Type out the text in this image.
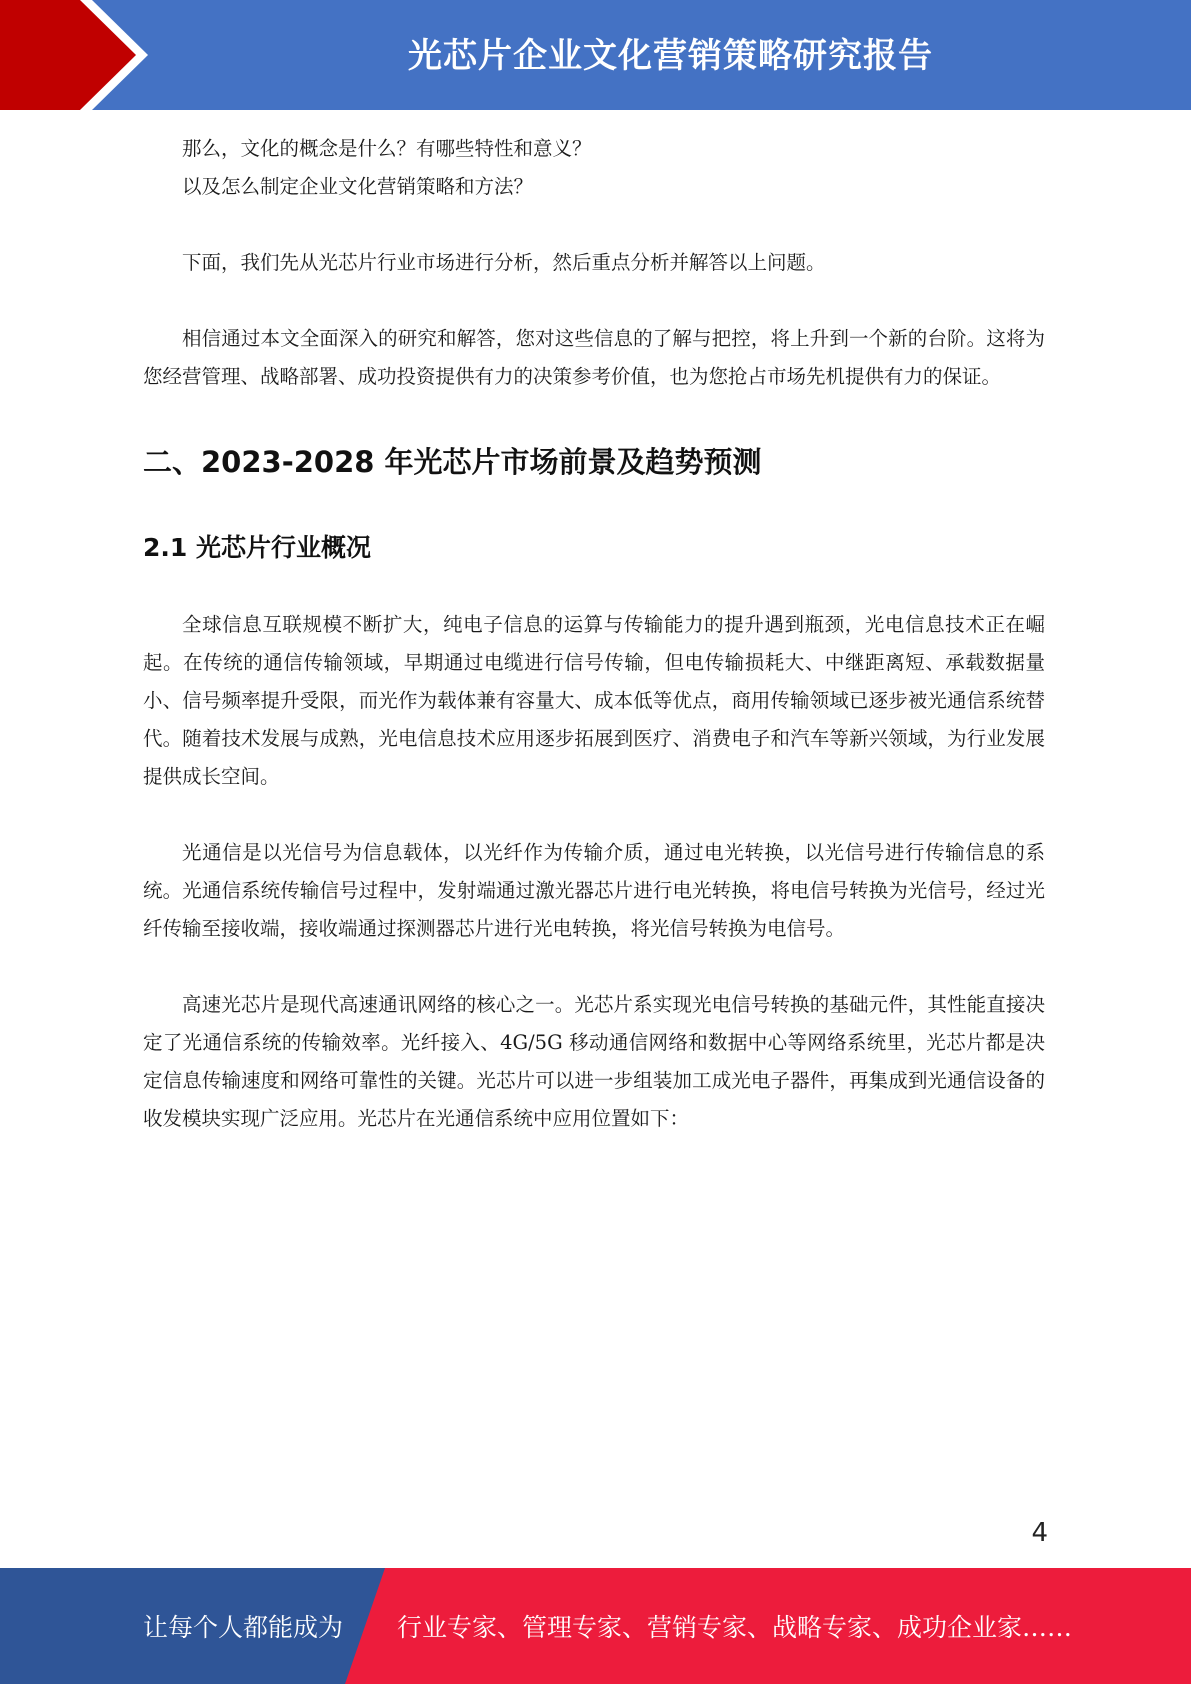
光芯片企业文化营销策略研究报告

那么，文化的概念是什么？有哪些特性和意义？

以及怎么制定企业文化营销策略和方法？

下面，我们先从光芯片行业市场进行分析，然后重点分析并解答以上问题。

相信通过本文全面深入的研究和解答，您对这些信息的了解与把控，将上升到一个新的台阶。这将为您经营管理、战略部署、成功投资提供有力的决策参考价值，也为您抢占市场先机提供有力的保证。

二、2023-2028 年光芯片市场前景及趋势预测
2.1 光芯片行业概况

全球信息互联规模不断扩大，纯电子信息的运算与传输能力的提升遇到瓶颈，光电信息技术正在崛起。在传统的通信传输领域，早期通过电缆进行信号传输，但电传输损耗大、中继距离短、承载数据量小、信号频率提升受限，而光作为载体兼有容量大、成本低等优点，商用传输领域已逐步被光通信系统替代。随着技术发展与成熟，光电信息技术应用逐步拓展到医疗、消费电子和汽车等新兴领域，为行业发展提供成长空间。

光通信是以光信号为信息载体，以光纤作为传输介质，通过电光转换，以光信号进行传输信息的系统。光通信系统传输信号过程中，发射端通过激光器芯片进行电光转换，将电信号转换为光信号，经过光纤传输至接收端，接收端通过探测器芯片进行光电转换，将光信号转换为电信号。

高速光芯片是现代高速通讯网络的核心之一。光芯片系实现光电信号转换的基础元件，其性能直接决定了光通信系统的传输效率。光纤接入、4G/5G 移动通信网络和数据中心等网络系统里，光芯片都是决定信息传输速度和网络可靠性的关键。光芯片可以进一步组装加工成光电子器件，再集成到光通信设备的收发模块实现广泛应用。光芯片在光通信系统中应用位置如下：

4
让每个人都能成为 行业专家、管理专家、营销专家、战略专家、成功企业家……
